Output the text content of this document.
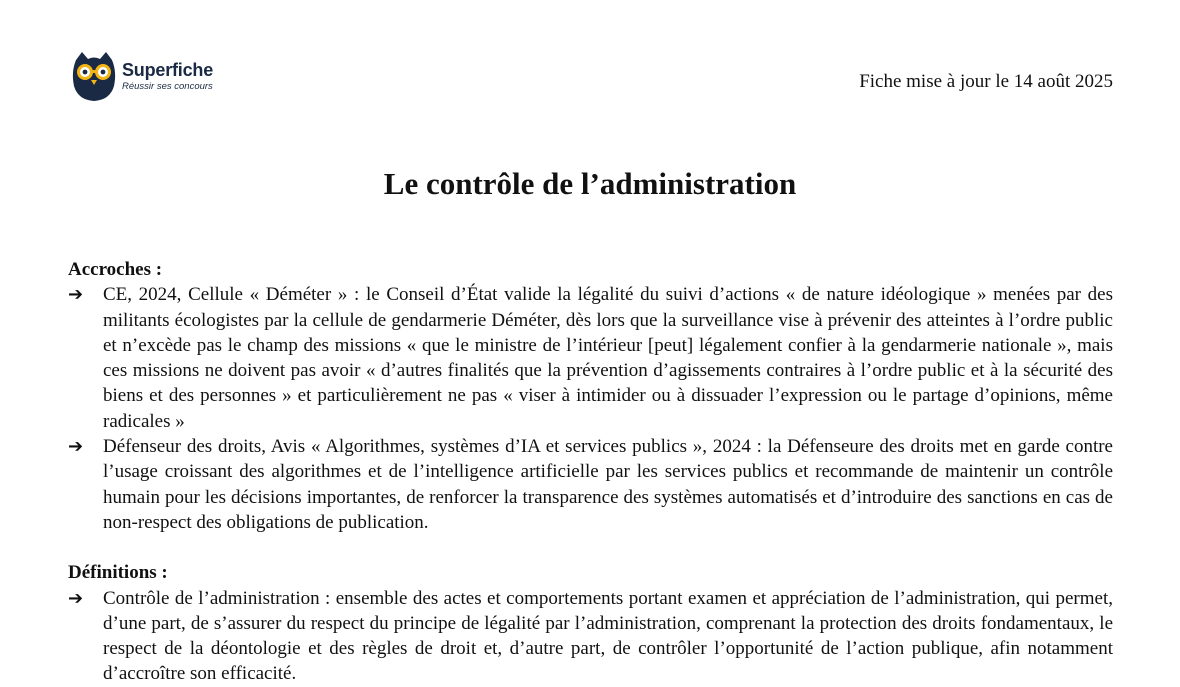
Superfiche
Réussir ses concours	Fiche mise à jour le 14 août 2025
Le contrôle de l’administration

Accroches :

➔ CE, 2024, Cellule « Déméter » : le Conseil d’État valide la légalité du suivi d’actions « de nature idéologique » menées par des militants écologistes par la cellule de gendarmerie Déméter, dès lors que la surveillance vise à prévenir des atteintes à l’ordre public et n’excède pas le champ des missions « que le ministre de l’intérieur [peut] légalement confier à la gendarmerie nationale », mais ces missions ne doivent pas avoir « d’autres finalités que la prévention d’agissements contraires à l’ordre public et à la sécurité des biens et des personnes » et particulièrement ne pas « viser à intimider ou à dissuader l’expression ou le partage d’opinions, même radicales »
➔ Défenseur des droits, Avis « Algorithmes, systèmes d’IA et services publics », 2024 : la Défenseure des droits met en garde contre l’usage croissant des algorithmes et de l’intelligence artificielle par les services publics et recommande de maintenir un contrôle humain pour les décisions importantes, de renforcer la transparence des systèmes automatisés et d’introduire des sanctions en cas de non-respect des obligations de publication.

Définitions :

➔ Contrôle de l’administration : ensemble des actes et comportements portant examen et appréciation de l’administration, qui permet, d’une part, de s’assurer du respect du principe de légalité par l’administration, comprenant la protection des droits fondamentaux, le respect de la déontologie et des règles de droit et, d’autre part, de contrôler l’opportunité de l’action publique, afin notamment d’accroître son efficacité.
